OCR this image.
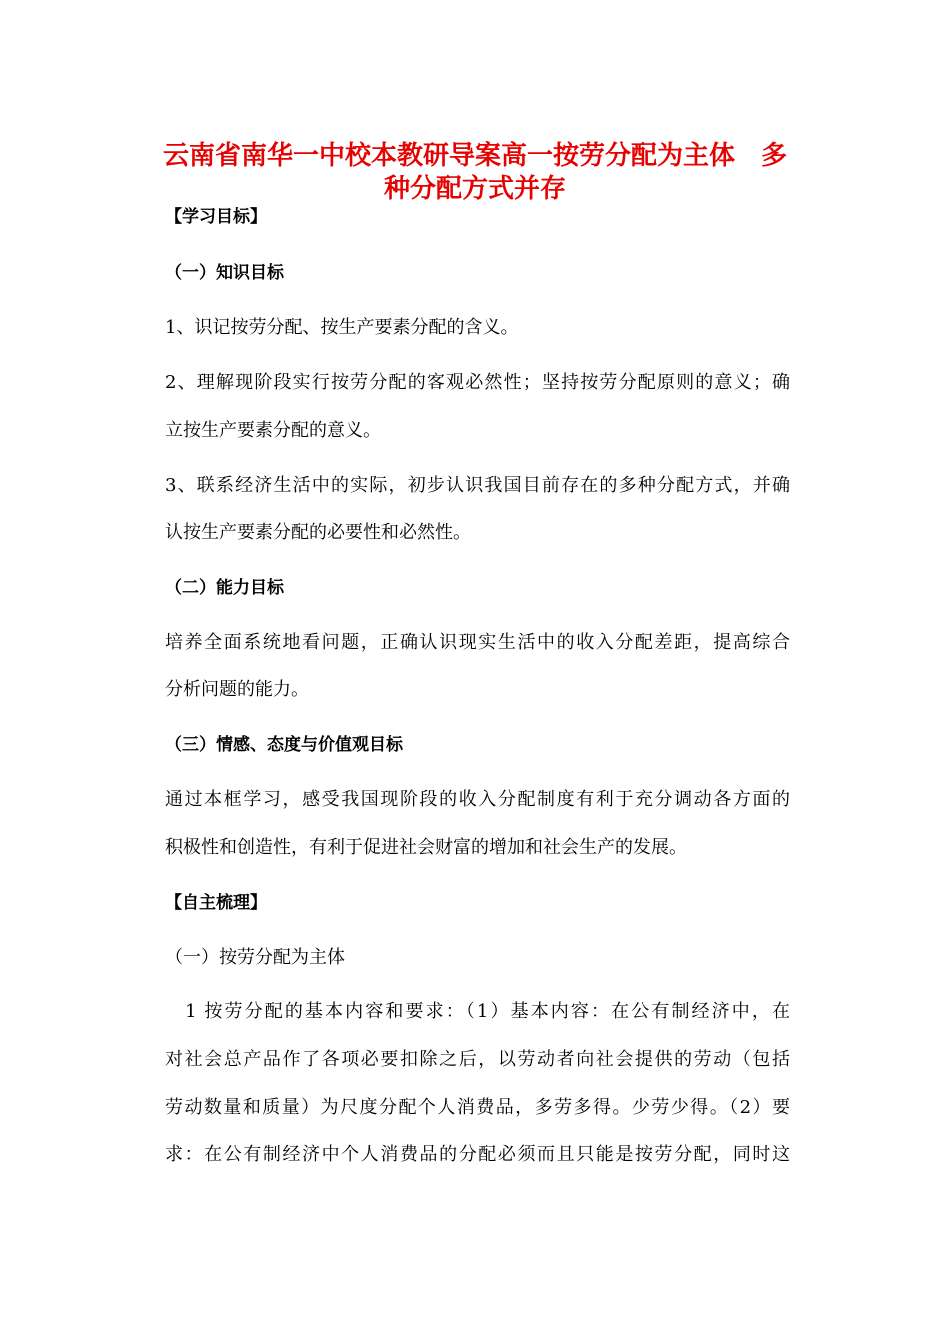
云南省南华一中校本教研导案高一按劳分配为主体　多
种分配方式并存

【学习目标】

（一）知识目标

1、识记按劳分配、按生产要素分配的含义。

2、理解现阶段实行按劳分配的客观必然性；坚持按劳分配原则的意义；确

立按生产要素分配的意义。

3、联系经济生活中的实际，初步认识我国目前存在的多种分配方式，并确

认按生产要素分配的必要性和必然性。

（二）能力目标

培养全面系统地看问题，正确认识现实生活中的收入分配差距，提高综合

分析问题的能力。

（三）情感、态度与价值观目标

通过本框学习，感受我国现阶段的收入分配制度有利于充分调动各方面的

积极性和创造性，有利于促进社会财富的增加和社会生产的发展。

【自主梳理】

（一）按劳分配为主体

　1 按劳分配的基本内容和要求：（1）基本内容：在公有制经济中，在

对社会总产品作了各项必要扣除之后，以劳动者向社会提供的劳动（包括

劳动数量和质量）为尺度分配个人消费品，多劳多得。少劳少得。（2）要

求：在公有制经济中个人消费品的分配必须而且只能是按劳分配，同时这
